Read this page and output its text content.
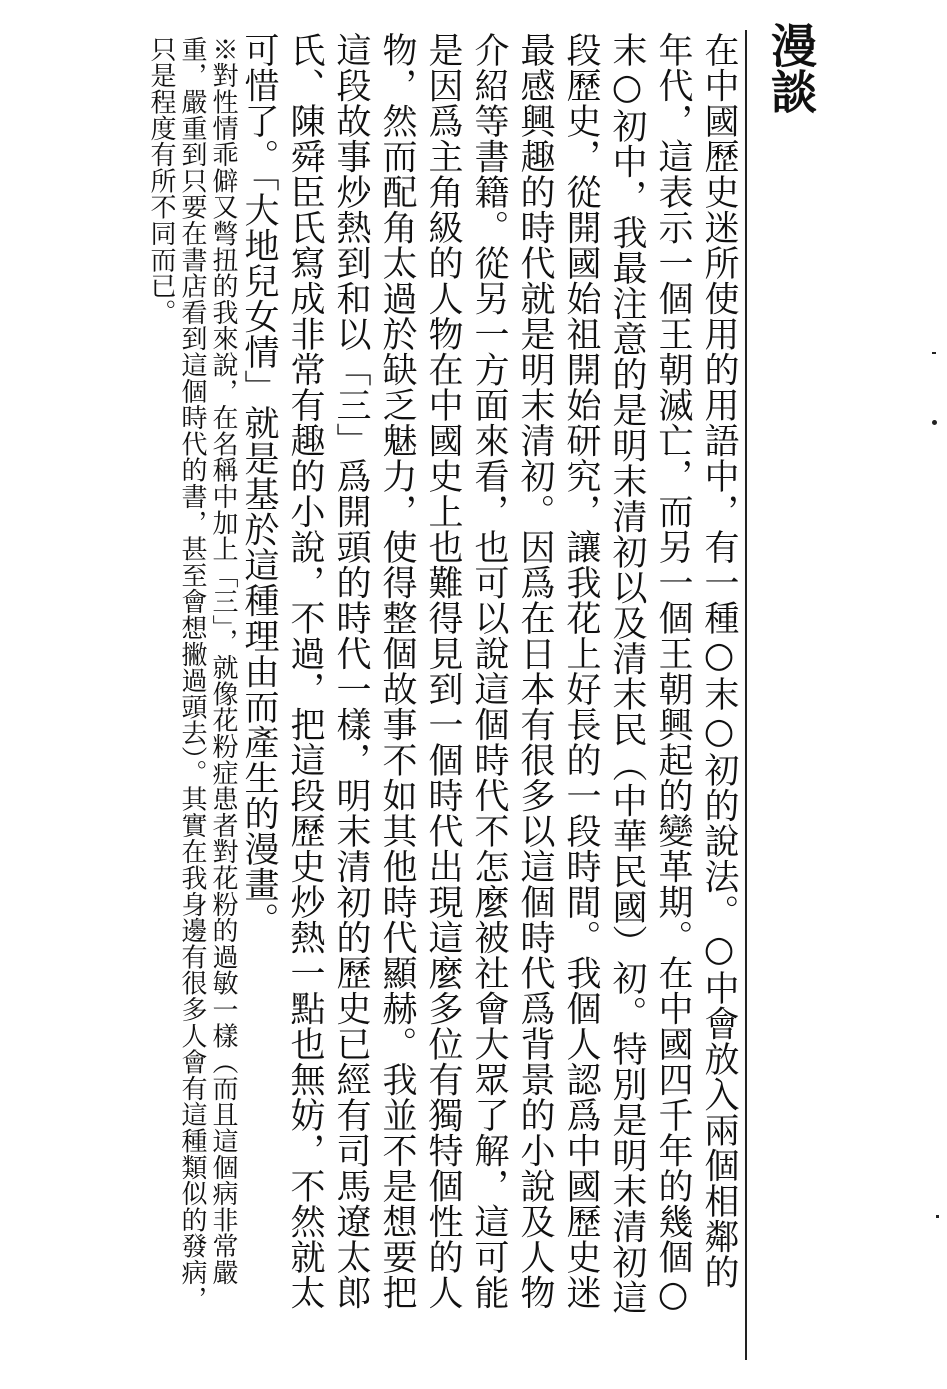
漫談
在中國歷史迷所使用的用語中，有一種○末○初的說法。○中會放入兩個相鄰的年代，這表示一個王朝滅亡，而另一個王朝興起的變革期。在中國四千年的幾個○末○初中，我最注意的是明末清初以及清末民（中華民國）初。特別是明末清初這段歷史，從開國始祖開始研究，讓我花上好長的一段時間。我個人認爲中國歷史迷最感興趣的時代就是明末清初。因爲在日本有很多以這個時代爲背景的小說及人物介紹等書籍。從另一方面來看，也可以說這個時代不怎麼被社會大眾了解，這可能是因爲主角級的人物在中國史上也難得見到一個時代出現這麼多位有獨特個性的人物，然而配角太過於缺乏魅力，使得整個故事不如其他時代顯赫。我並不是想要把這段故事炒熱到和以「三」爲開頭的時代一樣，明末清初的歷史已經有司馬遼太郎氏、陳舜臣氏寫成非常有趣的小說，不過，把這段歷史炒熱一點也無妨，不然就太可惜了。「大地兒女情」就是基於這種理由而產生的漫畫。
※對性情乖僻又彆扭的我來說，在名稱中加上「三」，就像花粉症患者對花粉的過敏一樣（而且這個病非常嚴重，嚴重到只要在書店看到這個時代的書，甚至會想撇過頭去）。其實在我身邊有很多人會有這種類似的發病，只是程度有所不同而已。
